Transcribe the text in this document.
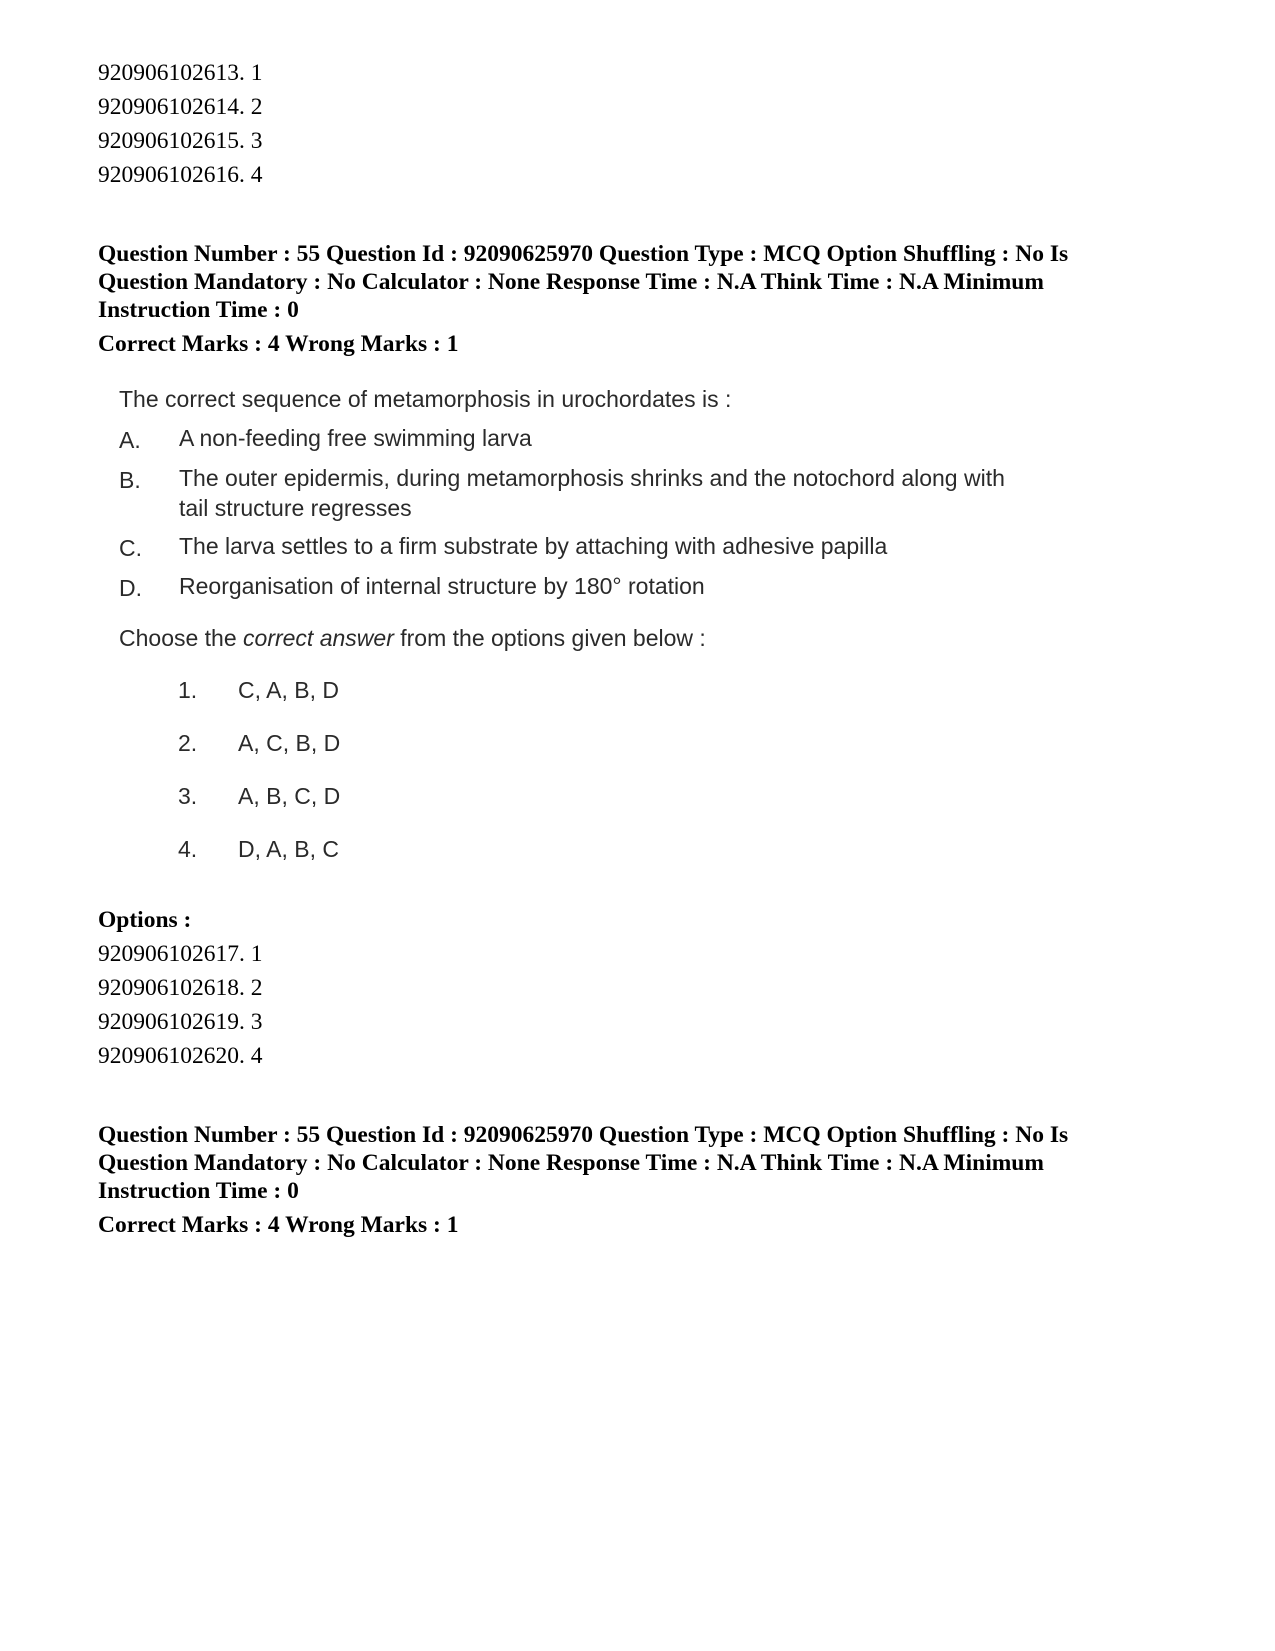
920906102613. 1
920906102614. 2
920906102615. 3
920906102616. 4
Question Number : 55 Question Id : 92090625970 Question Type : MCQ Option Shuffling : No Is
Question Mandatory : No Calculator : None Response Time : N.A Think Time : N.A Minimum
Instruction Time : 0
Correct Marks : 4 Wrong Marks : 1
The correct sequence of metamorphosis in urochordates is :
A. A non-feeding free swimming larva
B. The outer epidermis, during metamorphosis shrinks and the notochord along with tail structure regresses
C. The larva settles to a firm substrate by attaching with adhesive papilla
D. Reorganisation of internal structure by 180° rotation
Choose the correct answer from the options given below :
1. C, A, B, D
2. A, C, B, D
3. A, B, C, D
4. D, A, B, C
Options :
920906102617. 1
920906102618. 2
920906102619. 3
920906102620. 4
Question Number : 55 Question Id : 92090625970 Question Type : MCQ Option Shuffling : No Is
Question Mandatory : No Calculator : None Response Time : N.A Think Time : N.A Minimum
Instruction Time : 0
Correct Marks : 4 Wrong Marks : 1
